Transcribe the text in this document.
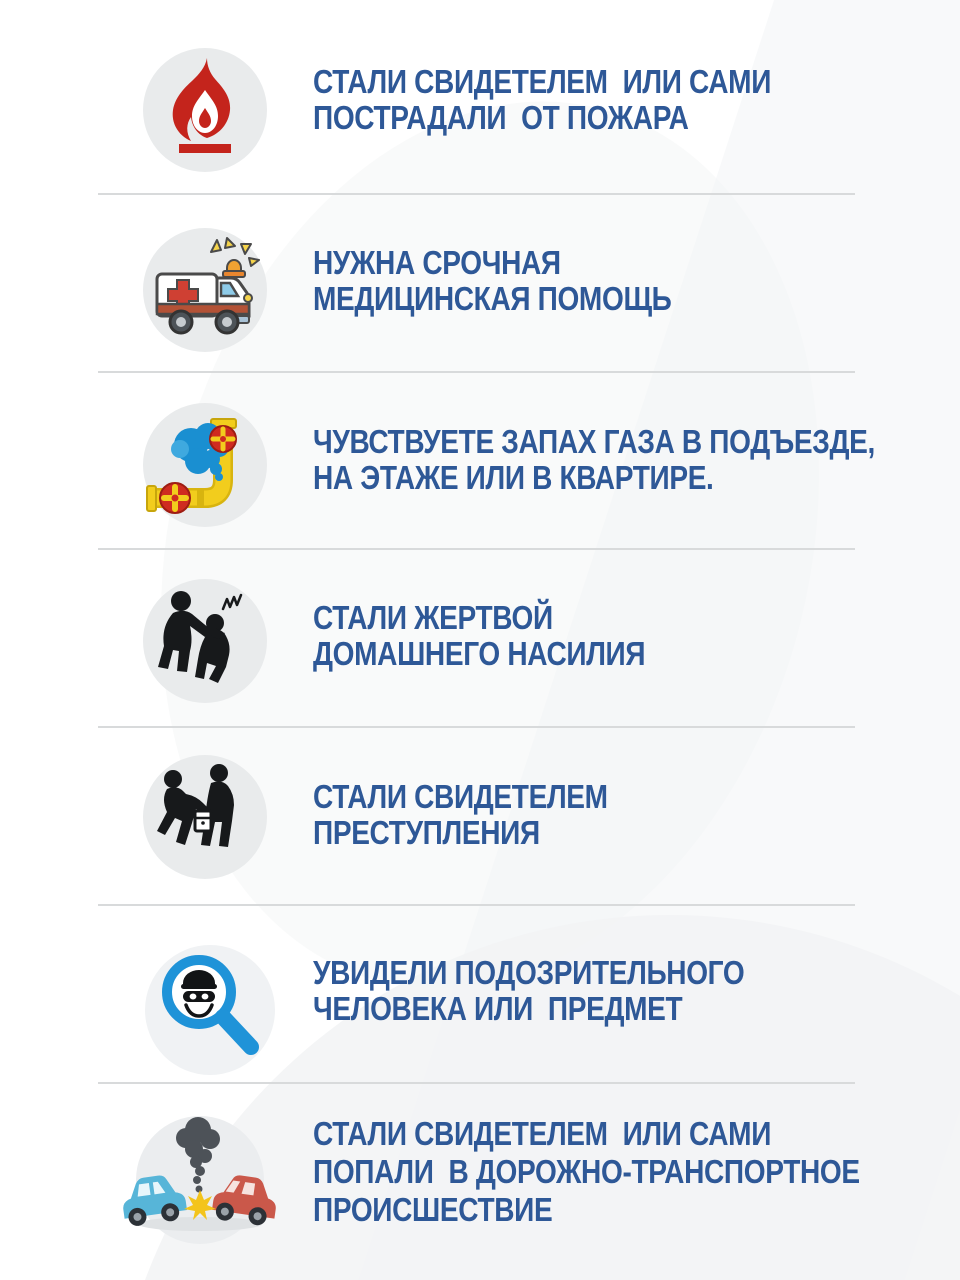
СТАЛИ СВИДЕТЕЛЕМ  ИЛИ САМИ
ПОСТРАДАЛИ  ОТ ПОЖАРА
НУЖНА СРОЧНАЯ
МЕДИЦИНСКАЯ ПОМОЩЬ
ЧУВСТВУЕТЕ ЗАПАХ ГАЗА В ПОДЪЕЗДЕ,
НА ЭТАЖЕ ИЛИ В КВАРТИРЕ.
СТАЛИ ЖЕРТВОЙ
ДОМАШНЕГО НАСИЛИЯ
СТАЛИ СВИДЕТЕЛЕМ
ПРЕСТУПЛЕНИЯ
УВИДЕЛИ ПОДОЗРИТЕЛЬНОГО
ЧЕЛОВЕКА ИЛИ  ПРЕДМЕТ
СТАЛИ СВИДЕТЕЛЕМ  ИЛИ САМИ
ПОПАЛИ  В ДОРОЖНО-ТРАНСПОРТНОЕ
ПРОИСШЕСТВИЕ
